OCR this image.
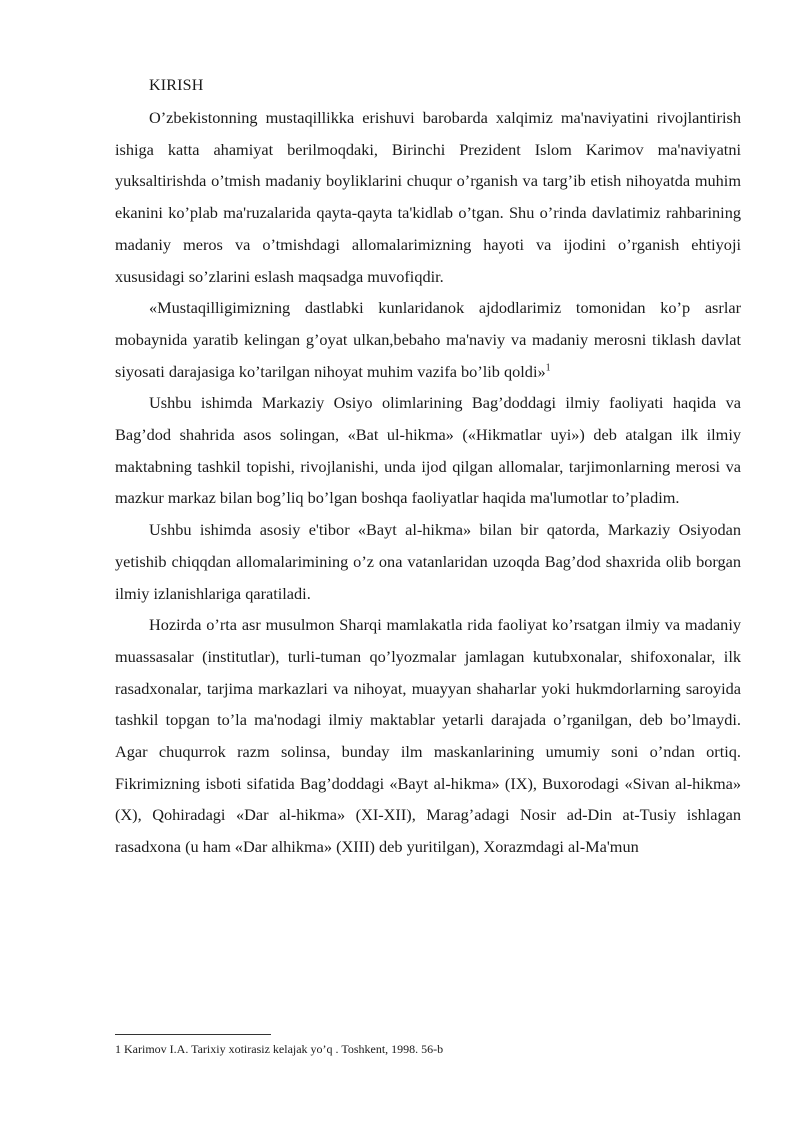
KIRISH

O’zbekistonning mustaqillikka erishuvi barobarda xalqimiz ma'naviyatini rivojlantirish ishiga katta ahamiyat berilmoqdaki, Birinchi Prezident Islom Karimov ma'naviyatni yuksaltirishda o’tmish madaniy boyliklarini chuqur o’rganish va targ’ib etish nihoyatda muhim ekanini ko’plab ma'ruzalarida qayta-qayta ta'kidlab o’tgan. Shu o’rinda davlatimiz rahbarining madaniy meros va o’tmishdagi allomalarimizning hayoti va ijodini o’rganish ehtiyoji xususidagi so’zlarini eslash maqsadga muvofiqdir.

«Mustaqilligimizning dastlabki kunlaridanok ajdodlarimiz tomonidan ko’p asrlar mobaynida yaratib kelingan g’oyat ulkan,bebaho ma'naviy va madaniy merosni tiklash davlat siyosati darajasiga ko’tarilgan nihoyat muhim vazifa bo’lib qoldi»$^1$

Ushbu ishimda Markaziy Osiyo olimlarining Bag’doddagi ilmiy faoliyati haqida va Bag’dod shahrida asos solingan, «Bat ul-hikma» («Hikmatlar uyi») deb atalgan ilk ilmiy maktabning tashkil topishi, rivojlanishi, unda ijod qilgan allomalar, tarjimonlarning merosi va mazkur markaz bilan bog’liq bo’lgan boshqa faoliyatlar haqida ma'lumotlar to’pladim.

Ushbu ishimda asosiy e'tibor «Bayt al-hikma» bilan bir qatorda, Markaziy Osiyodan yetishib chiqqdan allomalarimining o’z ona vatanlaridan uzoqda Bag’dod shaxrida olib borgan ilmiy izlanishlariga qaratiladi.

Hozirda o’rta asr musulmon Sharqi mamlakatla rida faoliyat ko’rsatgan ilmiy va madaniy muassasalar (institutlar), turli-tuman qo’lyozmalar jamlagan kutubxonalar, shifoxonalar, ilk rasadxonalar, tarjima markazlari va nihoyat, muayyan shaharlar yoki hukmdorlarning saroyida tashkil topgan to’la ma'nodagi ilmiy maktablar yetarli darajada o’rganilgan, deb bo’lmaydi. Agar chuqurrok razm solinsa, bunday ilm maskanlarining umumiy soni o’ndan ortiq. Fikrimizning isboti sifatida Bag’doddagi «Bayt al-hikma» (IX), Buxorodagi «Sivan al-hikma» (X), Qohiradagi «Dar al-hikma» (XI-XII), Marag’adagi Nosir ad-Din at-Tusiy ishlagan rasadxona (u ham «Dar alhikma» (XIII) deb yuritilgan), Xorazmdagi al-Ma'mun

1 Karimov I.A. Tarixiy xotirasiz kelajak yo’q . Toshkent, 1998. 56-b
